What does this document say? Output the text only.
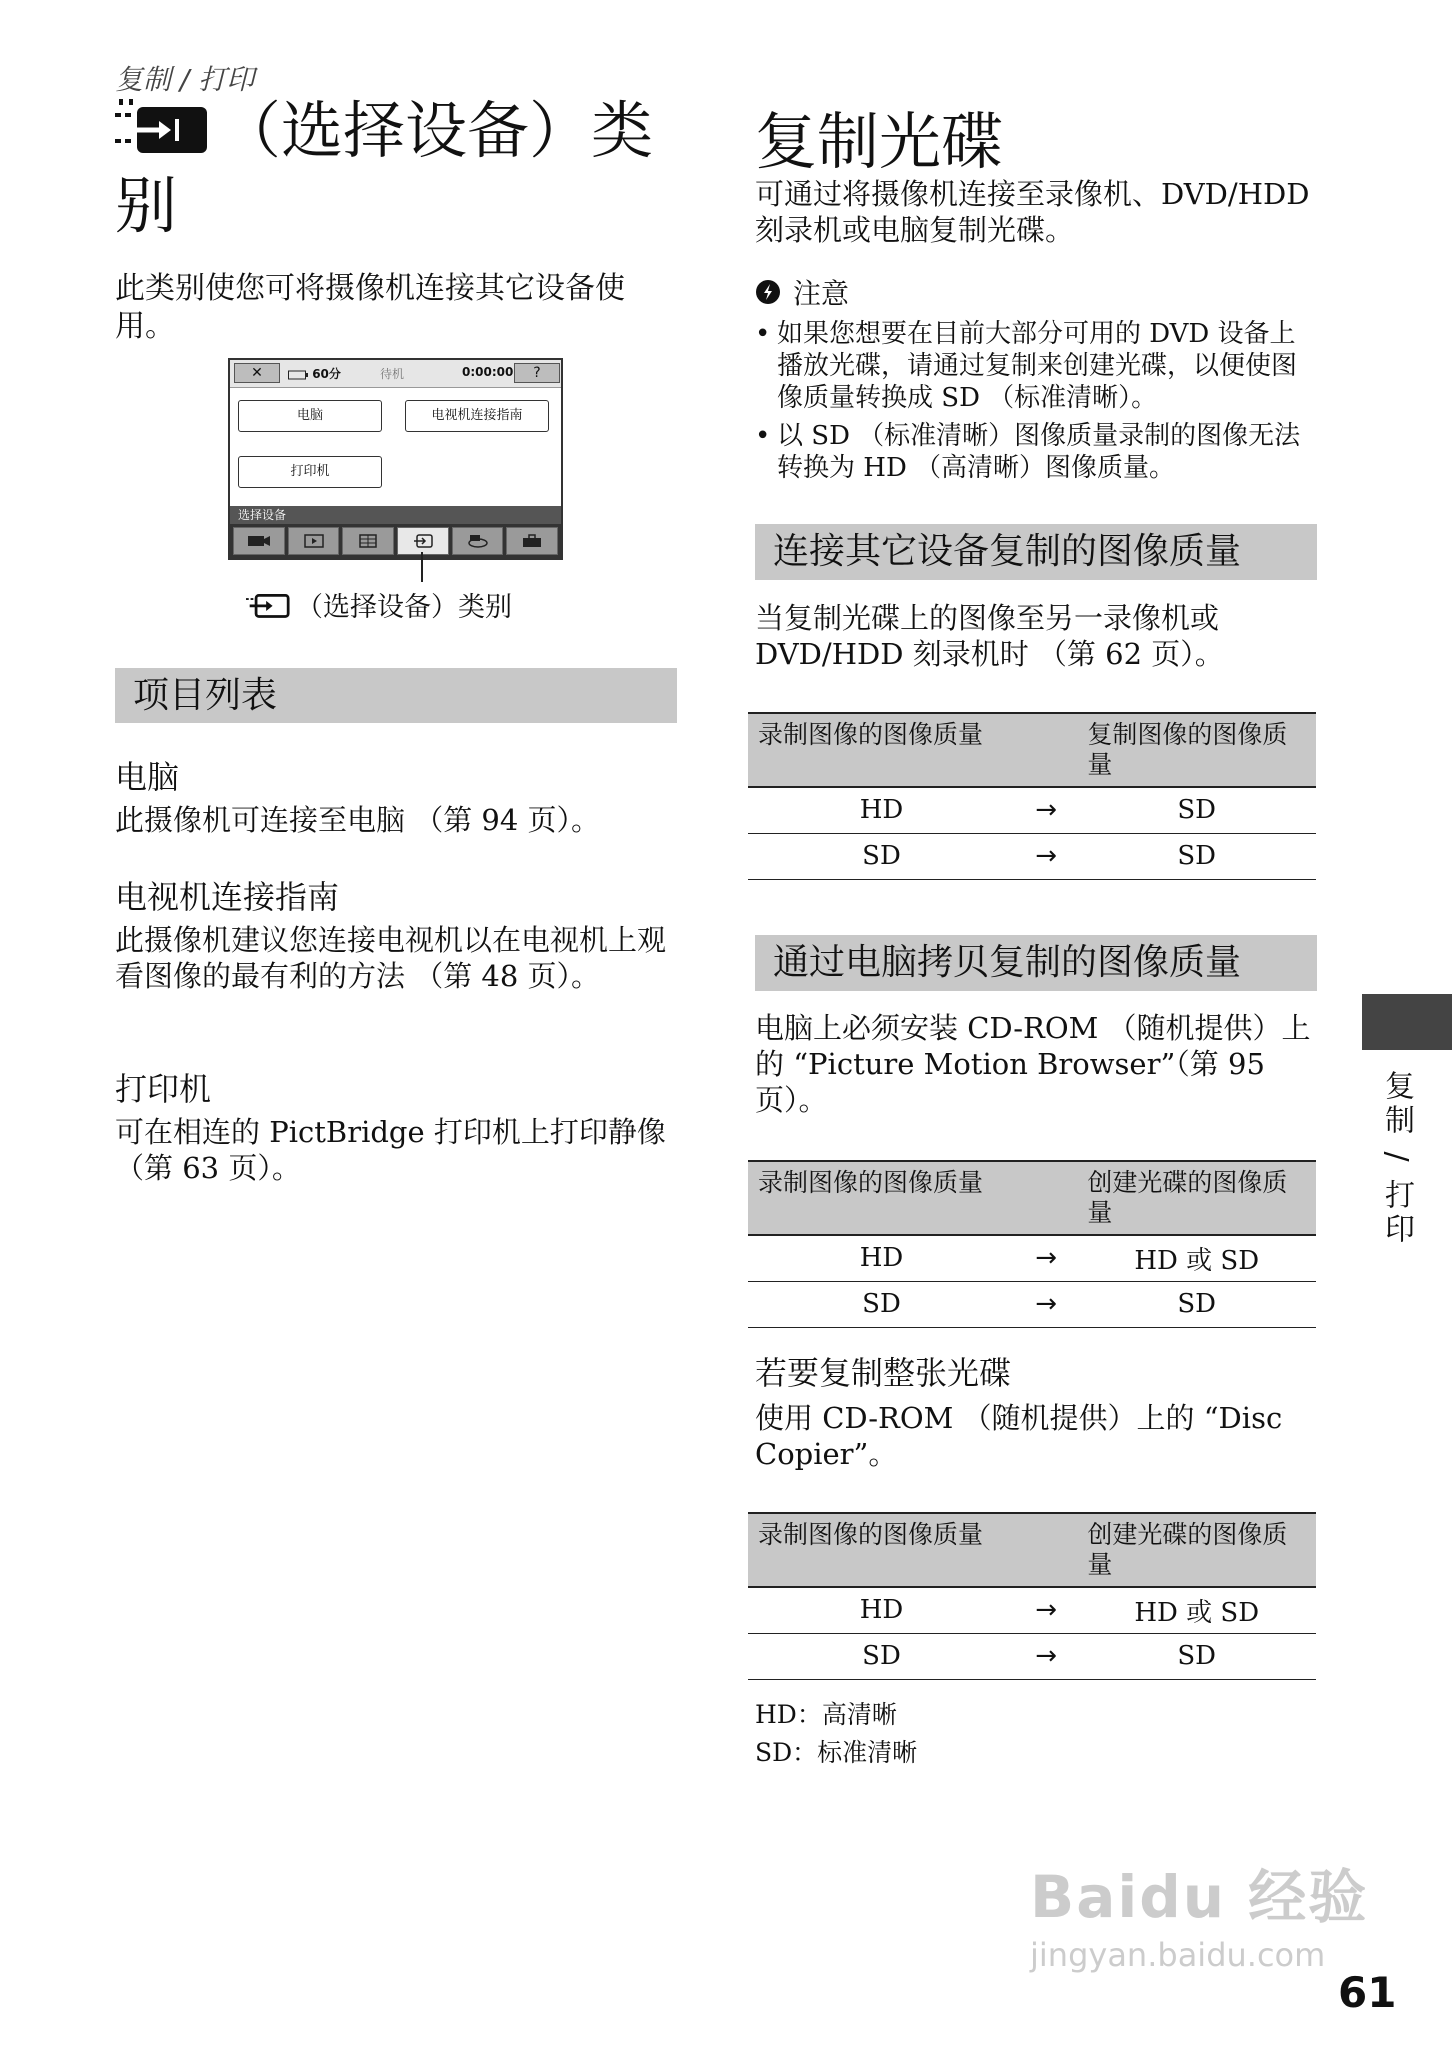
复制 / 打印
（选择设备）类别
此类别使您可将摄像机连接其它设备使用。
✕	60分	待机	0:00:00	?
电脑	电视机连接指南
打印机
选择设备
（选择设备）类别
项目列表
电脑
此摄像机可连接至电脑 （第 94 页）。
电视机连接指南
此摄像机建议您连接电视机以在电视机上观看图像的最有利的方法 （第 48 页）。
打印机
可在相连的 PictBridge 打印机上打印静像 （第 63 页）。
复制光碟
可通过将摄像机连接至录像机、DVD/HDD 刻录机或电脑复制光碟。
注意
• 如果您想要在目前大部分可用的 DVD 设备上播放光碟，请通过复制来创建光碟，以便使图像质量转换成 SD （标准清晰）。
• 以 SD （标准清晰）图像质量录制的图像无法转换为 HD （高清晰）图像质量。
连接其它设备复制的图像质量
当复制光碟上的图像至另一录像机或 DVD/HDD 刻录机时 （第 62 页）。
录制图像的图像质量		复制图像的图像质量
HD	→	SD
SD	→	SD
通过电脑拷贝复制的图像质量
电脑上必须安装 CD-ROM （随机提供）上的 “Picture Motion Browser”（第 95 页）。
录制图像的图像质量		创建光碟的图像质量
HD	→	HD 或 SD
SD	→	SD
若要复制整张光碟
使用 CD-ROM （随机提供）上的 “Disc Copier”。
录制图像的图像质量		创建光碟的图像质量
HD	→	HD 或 SD
SD	→	SD
HD：高清晰
SD：标准清晰
复制 / 打印
Baidu 经验
jingyan.baidu.com
61
